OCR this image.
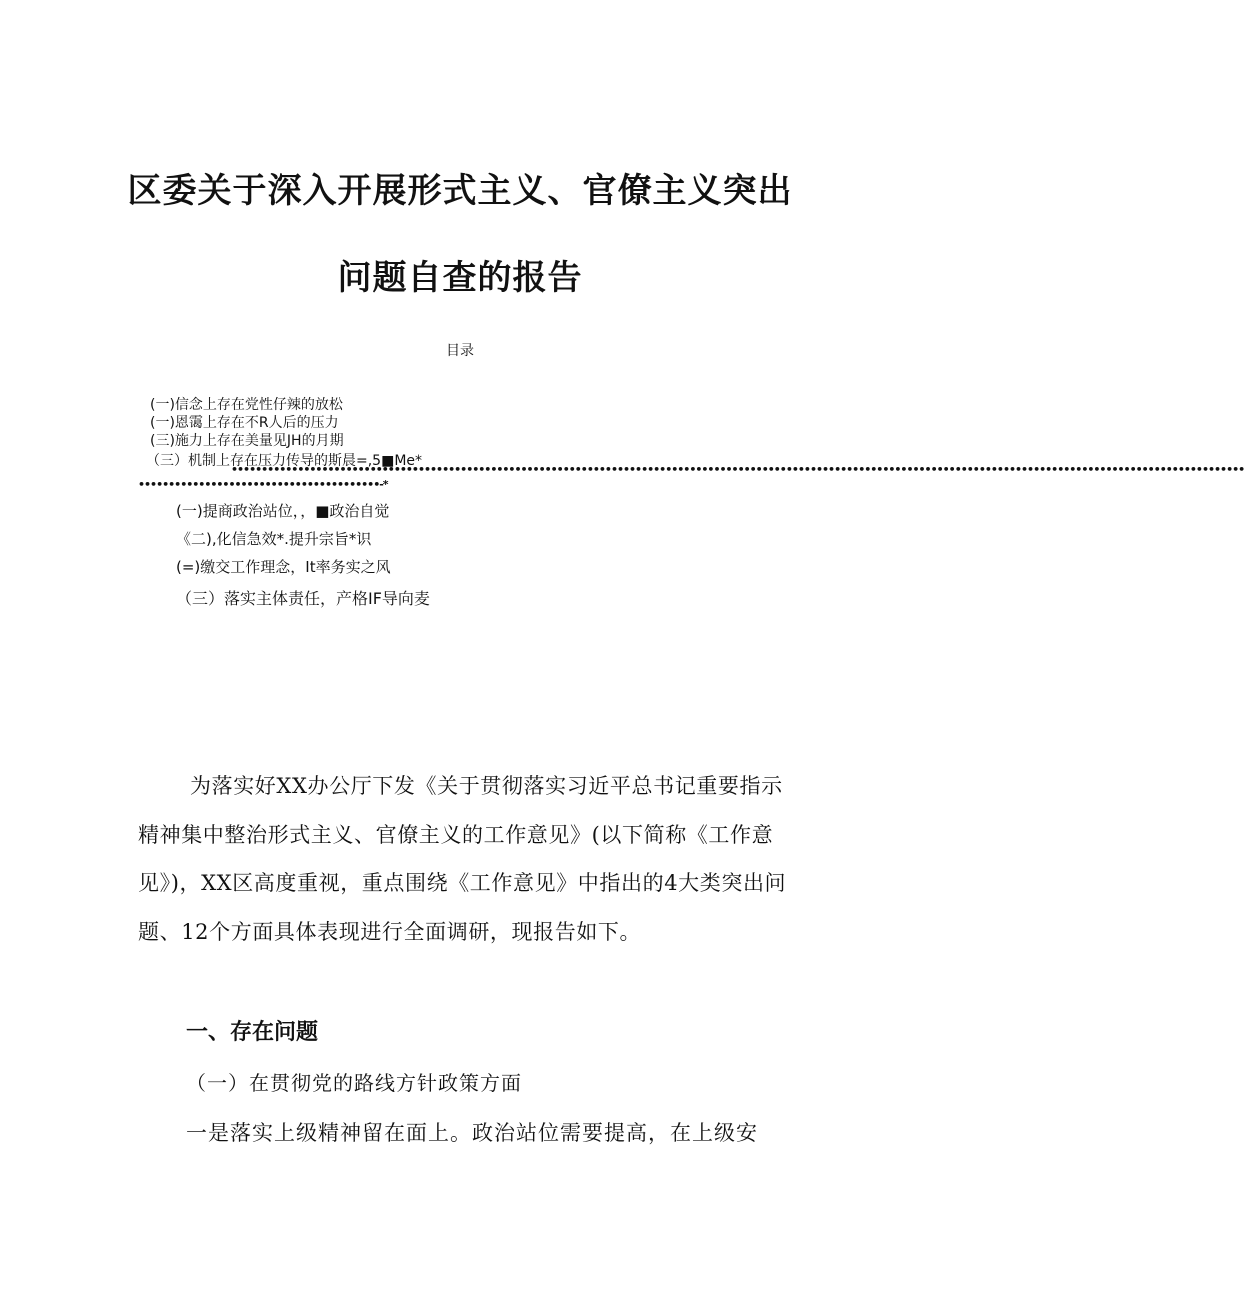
区委关于深入开展形式主义、官僚主义突出
问题自查的报告
目录
(一)信念上存在党性仔辣的放松
(一)恩霭上存在不R人后的压力
(三)施力上存在美量见JH的月期
（三）机制上存在压力传导的斯晨=,5■Me*
••••••••••••••••••••••••••••••••••••••••••••••••••••••••••••••••••••••••••••••••••••••••••••••••••••••••••••••••••••••••••••••••••••••••••••••••••••••••••••••••••••••••
••••••••••••••••••••••••••••••••••••••••-*
(一)提商政治站位，，■政治自觉
《二),化信急效*.提升宗旨*识
(=)缴交工作理念，It率务实之风
（三）落实主体责任，产格IF导向麦

为落实好XX办公厅下发《关于贯彻落实习近平总书记重要指示精神集中整治形式主义、官僚主义的工作意见》(以下简称《工作意见》)，XX区高度重视，重点围绕《工作意见》中指出的4大类突出问题、12个方面具体表现进行全面调研，现报告如下。

一、存在问题
（一）在贯彻党的路线方针政策方面
一是落实上级精神留在面上。政治站位需要提高，在上级安
